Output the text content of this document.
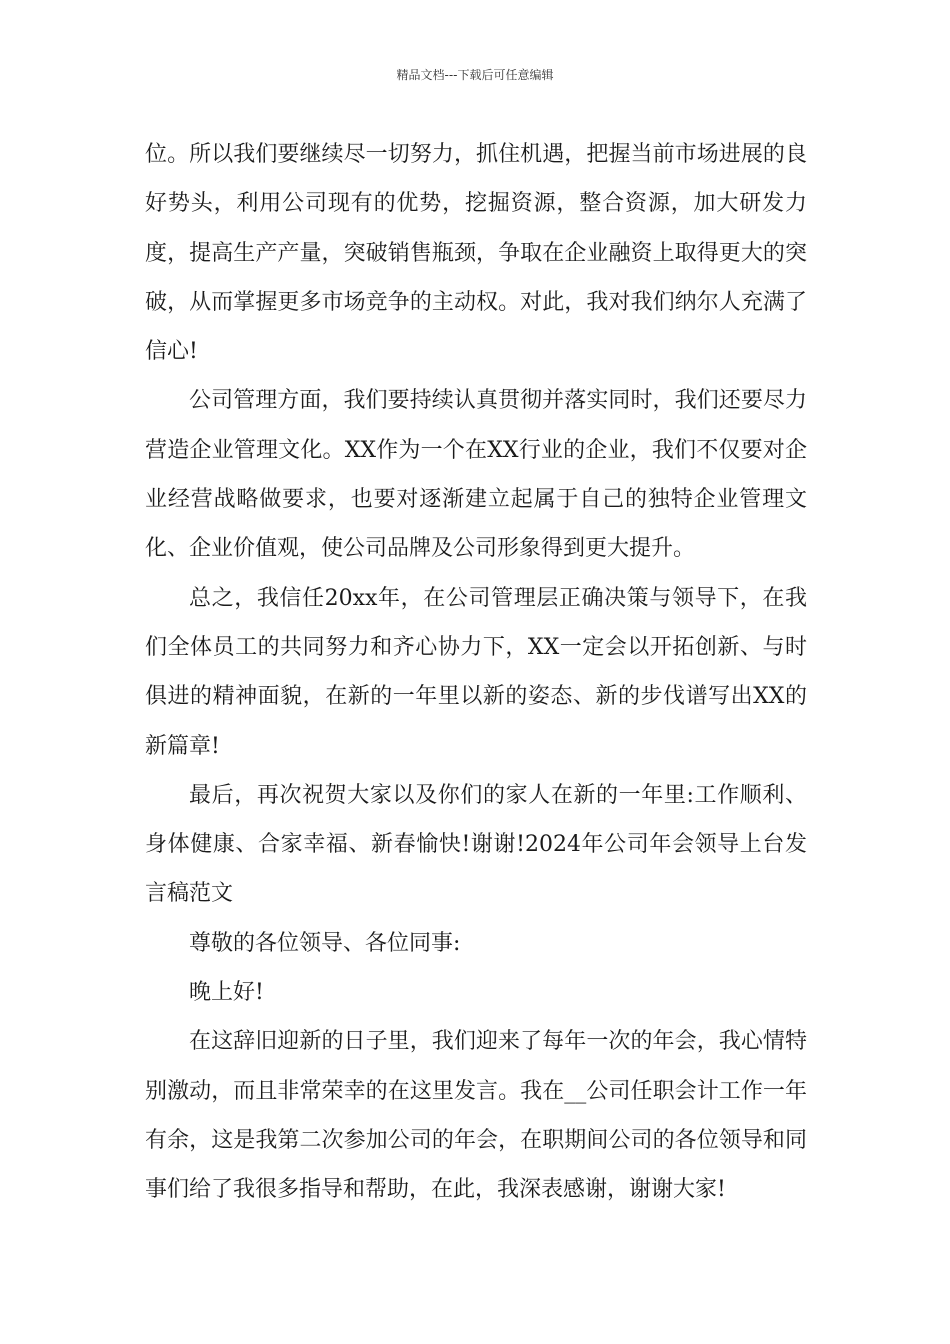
精品文档---下载后可任意编辑

位。所以我们要继续尽一切努力，抓住机遇，把握当前市场进展的良好势头，利用公司现有的优势，挖掘资源，整合资源，加大研发力度，提高生产产量，突破销售瓶颈，争取在企业融资上取得更大的突破，从而掌握更多市场竞争的主动权。对此，我对我们纳尔人充满了信心!

公司管理方面，我们要持续认真贯彻并落实同时，我们还要尽力营造企业管理文化。XX作为一个在XX行业的企业，我们不仅要对企业经营战略做要求，也要对逐渐建立起属于自己的独特企业管理文化、企业价值观，使公司品牌及公司形象得到更大提升。

总之，我信任20xx年，在公司管理层正确决策与领导下，在我们全体员工的共同努力和齐心协力下，XX一定会以开拓创新、与时俱进的精神面貌，在新的一年里以新的姿态、新的步伐谱写出XX的新篇章!

最后，再次祝贺大家以及你们的家人在新的一年里:工作顺利、身体健康、合家幸福、新春愉快!谢谢!2024年公司年会领导上台发言稿范文

尊敬的各位领导、各位同事:

晚上好!

在这辞旧迎新的日子里，我们迎来了每年一次的年会，我心情特别激动，而且非常荣幸的在这里发言。我在__公司任职会计工作一年有余，这是我第二次参加公司的年会，在职期间公司的各位领导和同事们给了我很多指导和帮助，在此，我深表感谢，谢谢大家!
